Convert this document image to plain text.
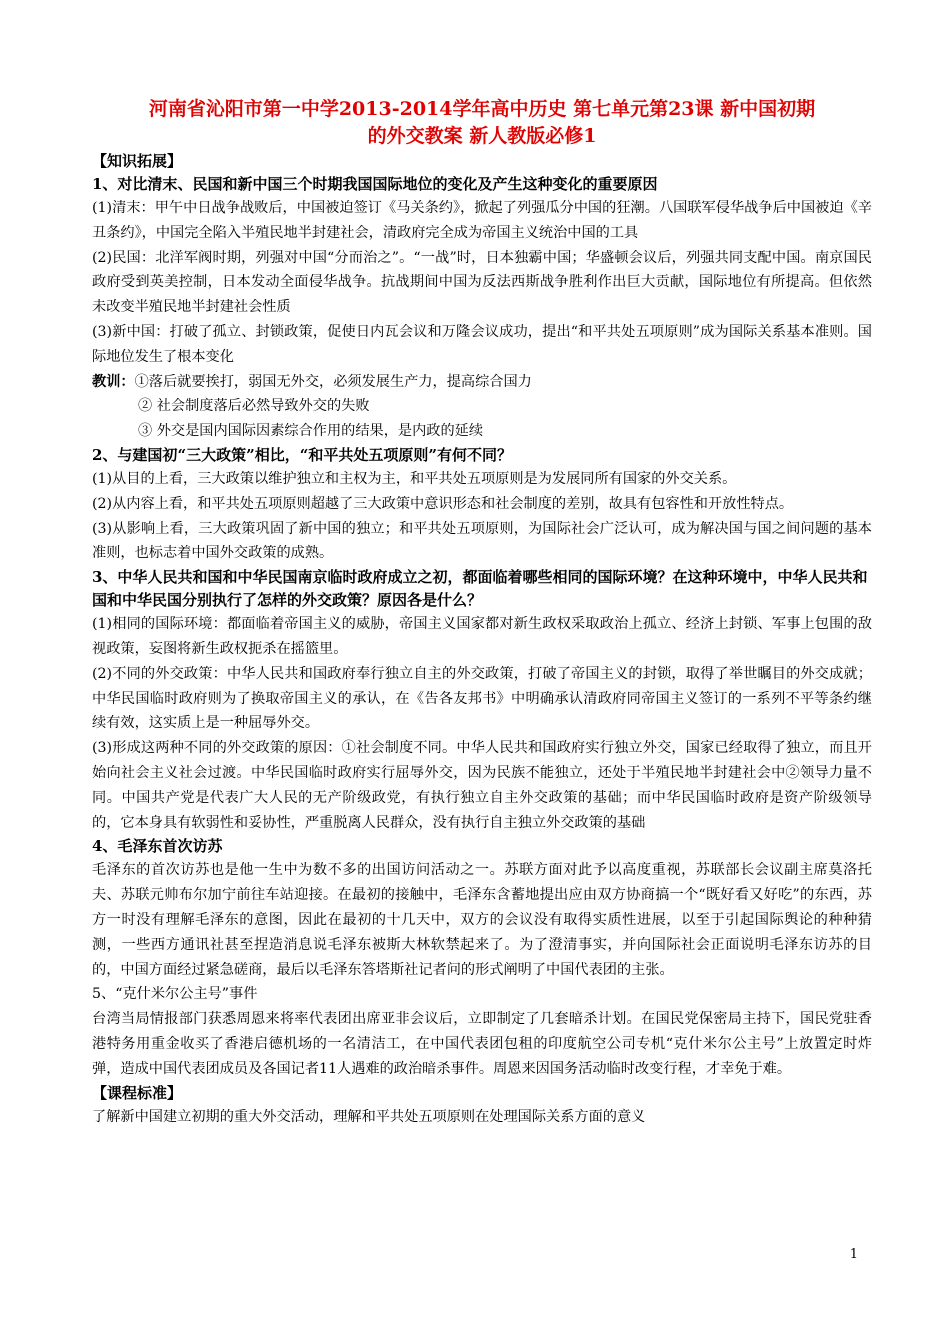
河南省沁阳市第一中学2013-2014学年高中历史 第七单元第23课 新中国初期

的外交教案 新人教版必修1

【知识拓展】

1、对比清末、民国和新中国三个时期我国国际地位的变化及产生这种变化的重要原因

(1)清末：甲午中日战争战败后，中国被迫签订《马关条约》，掀起了列强瓜分中国的狂潮。八国联军侵华战争后中国被迫《辛丑条约》，中国完全陷入半殖民地半封建社会，清政府完全成为帝国主义统治中国的工具

(2)民国：北洋军阀时期，列强对中国“分而治之”。“一战”时，日本独霸中国；华盛顿会议后，列强共同支配中国。南京国民政府受到英美控制，日本发动全面侵华战争。抗战期间中国为反法西斯战争胜利作出巨大贡献，国际地位有所提高。但依然未改变半殖民地半封建社会性质

(3)新中国：打破了孤立、封锁政策，促使日内瓦会议和万隆会议成功，提出“和平共处五项原则”成为国际关系基本准则。国际地位发生了根本变化

教训：①落后就要挨打，弱国无外交，必须发展生产力，提高综合国力

② 社会制度落后必然导致外交的失败

③ 外交是国内国际因素综合作用的结果，是内政的延续

2、与建国初“三大政策”相比，“和平共处五项原则”有何不同？

(1)从目的上看，三大政策以维护独立和主权为主，和平共处五项原则是为发展同所有国家的外交关系。

(2)从内容上看，和平共处五项原则超越了三大政策中意识形态和社会制度的差别，故具有包容性和开放性特点。

(3)从影响上看，三大政策巩固了新中国的独立；和平共处五项原则，为国际社会广泛认可，成为解决国与国之间问题的基本准则，也标志着中国外交政策的成熟。

3、中华人民共和国和中华民国南京临时政府成立之初，都面临着哪些相同的国际环境？在这种环境中，中华人民共和国和中华民国分别执行了怎样的外交政策？原因各是什么？

(1)相同的国际环境：都面临着帝国主义的威胁，帝国主义国家都对新生政权采取政治上孤立、经济上封锁、军事上包围的敌视政策，妄图将新生政权扼杀在摇篮里。

(2)不同的外交政策：中华人民共和国政府奉行独立自主的外交政策，打破了帝国主义的封锁，取得了举世瞩目的外交成就；中华民国临时政府则为了换取帝国主义的承认，在《告各友邦书》中明确承认清政府同帝国主义签订的一系列不平等条约继续有效，这实质上是一种屈辱外交。

(3)形成这两种不同的外交政策的原因：①社会制度不同。中华人民共和国政府实行独立外交，国家已经取得了独立，而且开始向社会主义社会过渡。中华民国临时政府实行屈辱外交，因为民族不能独立，还处于半殖民地半封建社会中②领导力量不同。中国共产党是代表广大人民的无产阶级政党，有执行独立自主外交政策的基础；而中华民国临时政府是资产阶级领导的，它本身具有软弱性和妥协性，严重脱离人民群众，没有执行自主独立外交政策的基础

4、毛泽东首次访苏

毛泽东的首次访苏也是他一生中为数不多的出国访问活动之一。苏联方面对此予以高度重视，苏联部长会议副主席莫洛托夫、苏联元帅布尔加宁前往车站迎接。在最初的接触中，毛泽东含蓄地提出应由双方协商搞一个“既好看又好吃”的东西，苏方一时没有理解毛泽东的意图，因此在最初的十几天中，双方的会议没有取得实质性进展，以至于引起国际舆论的种种猜测，一些西方通讯社甚至捏造消息说毛泽东被斯大林软禁起来了。为了澄清事实，并向国际社会正面说明毛泽东访苏的目的，中国方面经过紧急磋商，最后以毛泽东答塔斯社记者问的形式阐明了中国代表团的主张。

5、“克什米尔公主号”事件

台湾当局情报部门获悉周恩来将率代表团出席亚非会议后，立即制定了几套暗杀计划。在国民党保密局主持下，国民党驻香港特务用重金收买了香港启德机场的一名清洁工，在中国代表团包租的印度航空公司专机“克什米尔公主号”上放置定时炸弹，造成中国代表团成员及各国记者11人遇难的政治暗杀事件。周恩来因国务活动临时改变行程，才幸免于难。

【课程标准】

了解新中国建立初期的重大外交活动，理解和平共处五项原则在处理国际关系方面的意义

1
